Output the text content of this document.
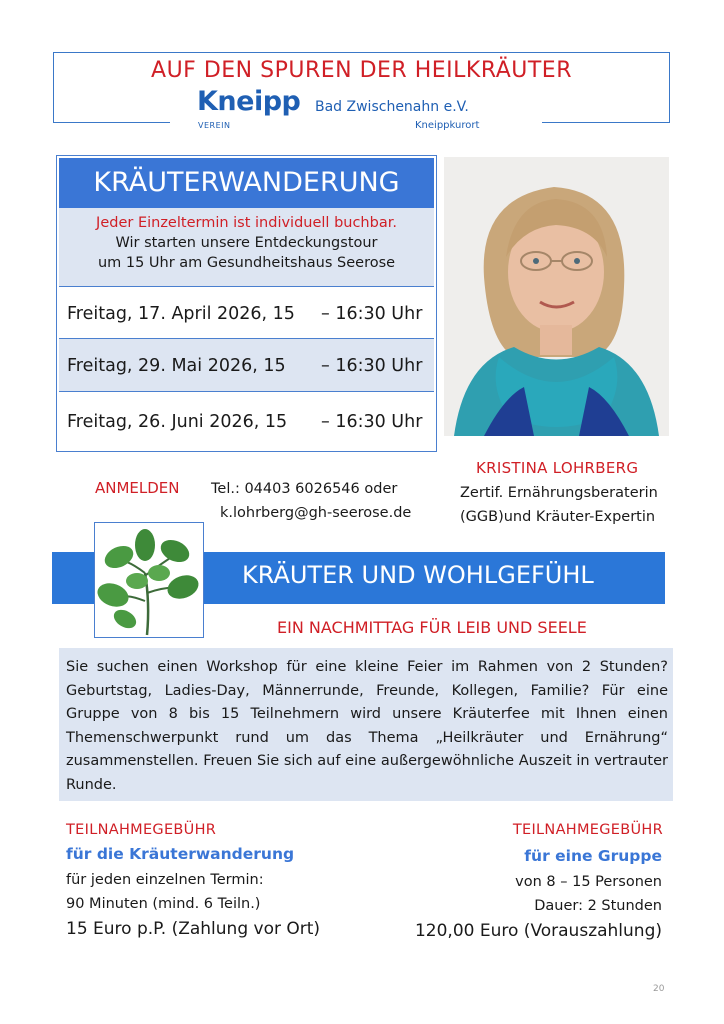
AUF DEN SPUREN DER HEILKRÄUTER
Kneipp
VEREIN
Bad Zwischenahn e.V.
Kneippkurort
KRÄUTERWANDERUNG
Jeder Einzeltermin ist individuell buchbar.
Wir starten unsere Entdeckungstour
um 15 Uhr am Gesundheitshaus Seerose
Freitag, 17. April 2026, 15 – 16:30 Uhr
Freitag, 29. Mai 2026, 15 – 16:30 Uhr
Freitag, 26. Juni 2026, 15 – 16:30 Uhr
ANMELDEN Tel.: 04403 6026546 oder
k.lohrberg@gh-seerose.de
KRISTINA LOHRBERG
Zertif. Ernährungsberaterin
(GGB)und Kräuter-Expertin
KRÄUTER UND WOHLGEFÜHL
EIN NACHMITTAG FÜR LEIB UND SEELE
Sie suchen einen Workshop für eine kleine Feier im Rahmen von 2 Stunden? Geburtstag, Ladies-Day, Männerrunde, Freunde, Kollegen, Familie? Für eine Gruppe von 8 bis 15 Teilnehmern wird unsere Kräuterfee mit Ihnen einen Themenschwerpunkt rund um das Thema „Heilkräuter und Ernährung“ zusammenstellen. Freuen Sie sich auf eine außergewöhnliche Auszeit in vertrauter Runde.
TEILNAHMEGEBÜHR
für die Kräuterwanderung
für jeden einzelnen Termin:
90 Minuten (mind. 6 Teiln.)
15 Euro p.P. (Zahlung vor Ort)
TEILNAHMEGEBÜHR
für eine Gruppe
von 8 – 15 Personen
Dauer: 2 Stunden
120,00 Euro (Vorauszahlung)
20
